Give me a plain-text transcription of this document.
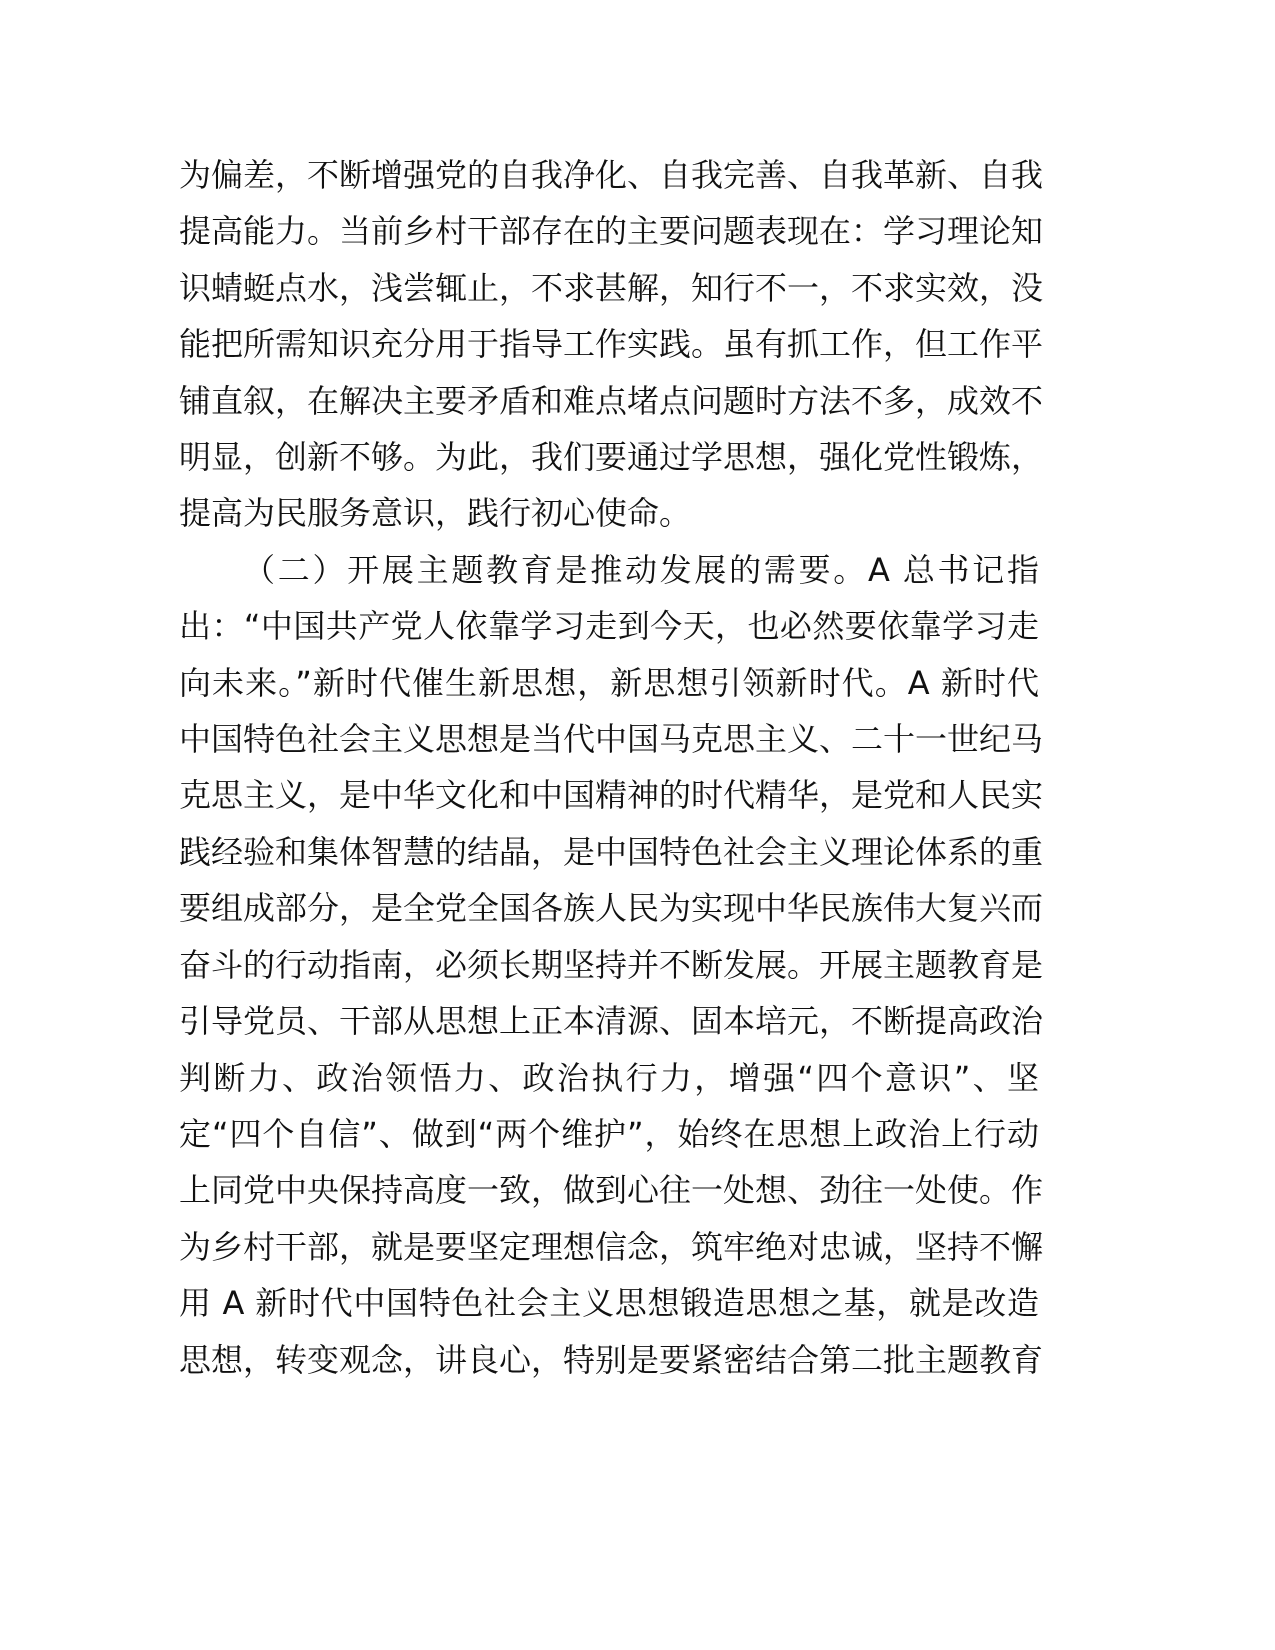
为偏差，不断增强党的自我净化、自我完善、自我革新、自我
提高能力。当前乡村干部存在的主要问题表现在：学习理论知
识蜻蜓点水，浅尝辄止，不求甚解，知行不一，不求实效，没
能把所需知识充分用于指导工作实践。虽有抓工作，但工作平
铺直叙，在解决主要矛盾和难点堵点问题时方法不多，成效不
明显，创新不够。为此，我们要通过学思想，强化党性锻炼，
提高为民服务意识，践行初心使命。
（二）开展主题教育是推动发展的需要。A 总书记指
出：“中国共产党人依靠学习走到今天，也必然要依靠学习走
向未来。”新时代催生新思想，新思想引领新时代。A 新时代
中国特色社会主义思想是当代中国马克思主义、二十一世纪马
克思主义，是中华文化和中国精神的时代精华，是党和人民实
践经验和集体智慧的结晶，是中国特色社会主义理论体系的重
要组成部分，是全党全国各族人民为实现中华民族伟大复兴而
奋斗的行动指南，必须长期坚持并不断发展。开展主题教育是
引导党员、干部从思想上正本清源、固本培元，不断提高政治
判断力、政治领悟力、政治执行力，增强“四个意识”、坚
定“四个自信”、做到“两个维护”，始终在思想上政治上行动
上同党中央保持高度一致，做到心往一处想、劲往一处使。作
为乡村干部，就是要坚定理想信念，筑牢绝对忠诚，坚持不懈
用 A 新时代中国特色社会主义思想锻造思想之基，就是改造
思想，转变观念，讲良心，特别是要紧密结合第二批主题教育
